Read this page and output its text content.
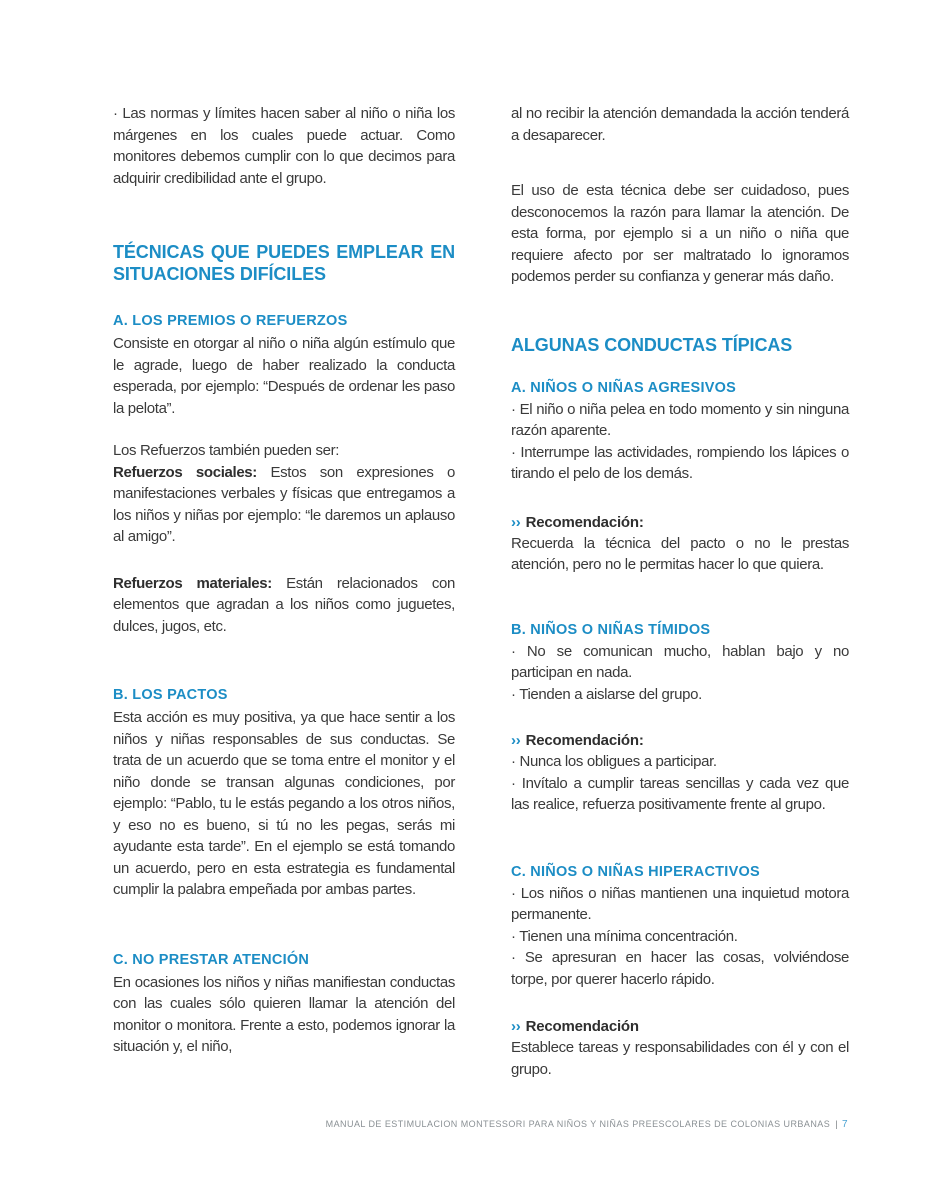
· Las normas y límites hacen saber al niño o niña los márgenes en los cuales puede actuar. Como monitores debemos cumplir con lo que decimos para adquirir credibilidad ante el grupo.

TÉCNICAS QUE PUEDES EMPLEAR EN SITUACIONES DIFÍCILES
A. LOS PREMIOS O REFUERZOS

Consiste en otorgar al niño o niña algún estímulo que le agrade, luego de haber realizado la conducta esperada, por ejemplo: “Después de ordenar les paso la pelota”.

Los Refuerzos también pueden ser:

Refuerzos sociales: Estos son expresiones o manifestaciones verbales y físicas que entregamos a los niños y niñas por ejemplo: “le daremos un aplauso al amigo”.

Refuerzos materiales: Están relacionados con elementos que agradan a los niños como juguetes, dulces, jugos, etc.

B. LOS PACTOS

Esta acción es muy positiva, ya que hace sentir a los niños y niñas responsables de sus conductas. Se trata de un acuerdo que se toma entre el monitor y el niño donde se transan algunas condiciones, por ejemplo: “Pablo, tu le estás pegando a los otros niños, y eso no es bueno, si tú no les pegas, serás mi ayudante esta tarde”. En el ejemplo se está tomando un acuerdo, pero en esta estrategia es fundamental cumplir la palabra empeñada por ambas partes.

C. NO PRESTAR ATENCIÓN

En ocasiones los niños y niñas manifiestan conductas con las cuales sólo quieren llamar la atención del monitor o monitora. Frente a esto, podemos ignorar la situación y, el niño,

al no recibir la atención demandada la acción tenderá a desaparecer.

El uso de esta técnica debe ser cuidadoso, pues desconocemos la razón para llamar la atención. De esta forma, por ejemplo si a un niño o niña que requiere afecto por ser maltratado lo ignoramos podemos perder su confianza y generar más daño.

ALGUNAS CONDUCTAS TÍPICAS
A. NIÑOS O NIÑAS AGRESIVOS

· El niño o niña pelea en todo momento y sin ninguna razón aparente.

· Interrumpe las actividades, rompiendo los lápices o tirando el pelo de los demás.

›› Recomendación:

Recuerda la técnica del pacto o no le prestas atención, pero no le permitas hacer lo que quiera.

B. NIÑOS O NIÑAS TÍMIDOS

· No se comunican mucho, hablan bajo y no participan en nada.

· Tienden a aislarse del grupo.

›› Recomendación:

· Nunca los obligues a participar.

· Invítalo a cumplir tareas sencillas y cada vez que las realice, refuerza positivamente frente al grupo.

C. NIÑOS O NIÑAS HIPERACTIVOS

· Los niños o niñas mantienen una inquietud motora permanente.

· Tienen una mínima concentración.

· Se apresuran en hacer las cosas, volviéndose torpe, por querer hacerlo rápido.

›› Recomendación

Establece tareas y responsabilidades con él y con el grupo.

MANUAL DE ESTIMULACION MONTESSORI PARA NIÑOS Y NIÑAS PREESCOLARES DE COLONIAS URBANAS | 7
